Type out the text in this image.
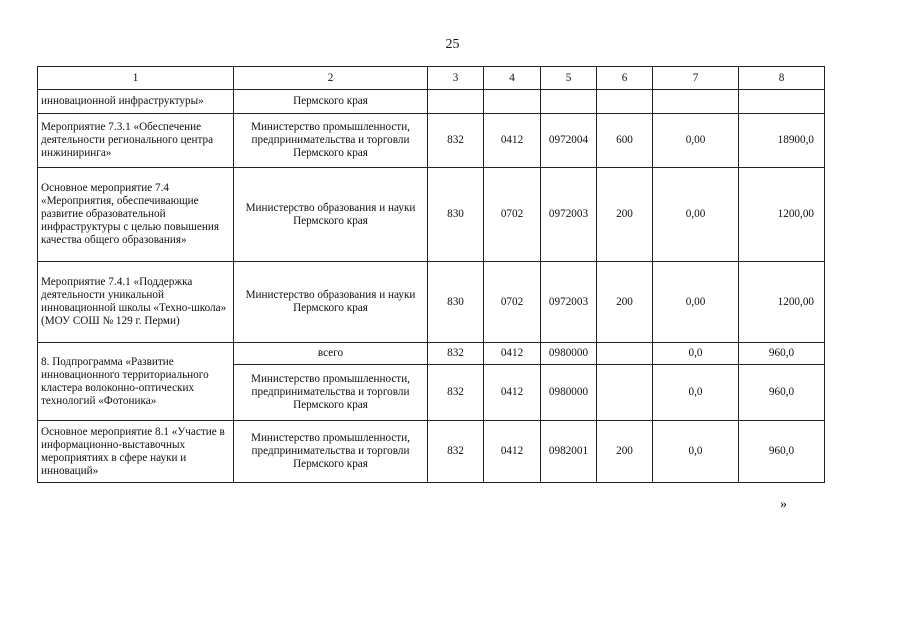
25
1	2	3	4	5	6	7	8
инновационной инфраструктуры»	Пермского края						
Мероприятие 7.3.1 «Обеспечение деятельности регионального центра инжиниринга»	Министерство промышленности, предпринимательства и торговли Пермского края	832	0412	0972004	600	0,00	18900,0
Основное мероприятие 7.4 «Мероприятия, обеспечивающие развитие образовательной инфраструктуры с целью повышения качества общего образования»	Министерство образования и науки Пермского края	830	0702	0972003	200	0,00	1200,00
Мероприятие 7.4.1 «Поддержка деятельности уникальной инновационной школы «Техно-школа» (МОУ СОШ № 129 г. Перми)	Министерство образования и науки Пермского края	830	0702	0972003	200	0,00	1200,00
8. Подпрограмма «Развитие инновационного территориального кластера волоконно-оптических технологий «Фотоника»	всего	832	0412	0980000		0,0	960,0
	Министерство промышленности, предпринимательства и торговли Пермского края	832	0412	0980000		0,0	960,0
Основное мероприятие 8.1 «Участие в информационно-выставочных мероприятиях в сфере науки и инноваций»	Министерство промышленности, предпринимательства и торговли Пермского края	832	0412	0982001	200	0,0	960,0
»
